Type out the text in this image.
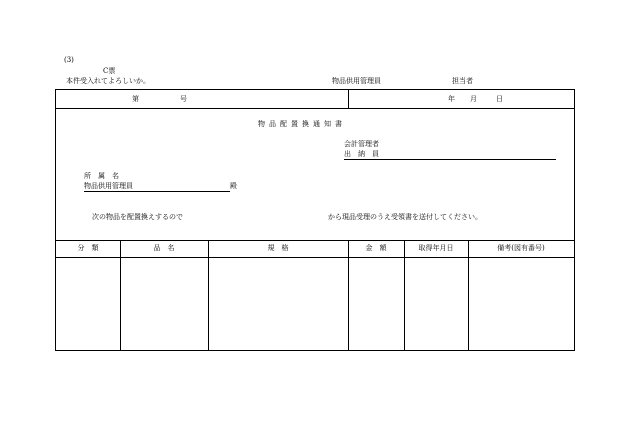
(3)
C票
本件受入れてよろしいか。	物品供用管理員	担当者
第	号	年 月	日
物品配置換通知書
会計管理者
出　納　員
所　属　名
物品供用管理員	殿
次の物品を配置換えするので	から現品受理のうえ受領書を送付してください。
分　類	品　名	規　格	金　額	取得年月日	備考(図有番号)
